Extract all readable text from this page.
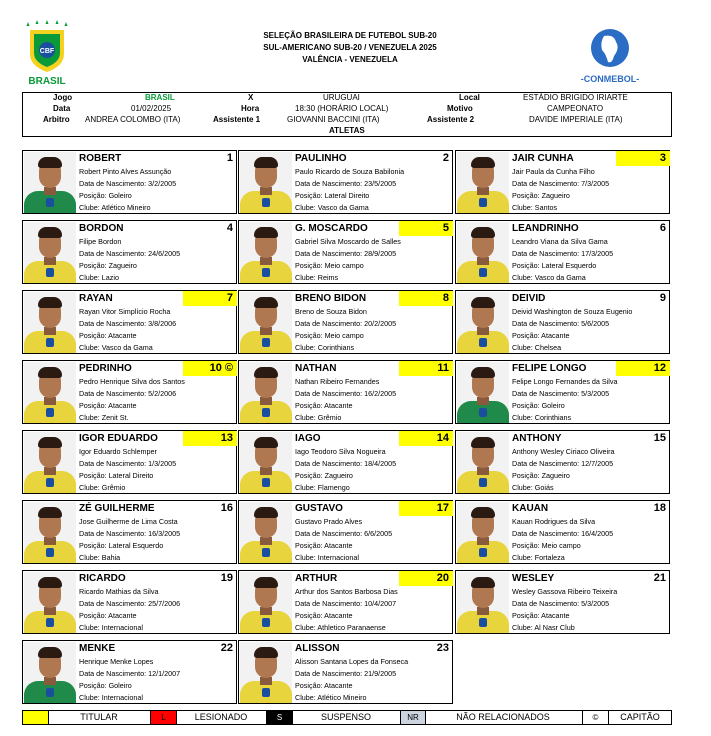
CBF
BRASIL
SELEÇÃO BRASILEIRA DE FUTEBOL SUB-20
SUL-AMERICANO SUB-20 / VENEZUELA 2025
VALÊNCIA - VENEZUELA
-CONMEBOL-
Jogo	BRASIL	X	URUGUAI	Local	ESTÁDIO BRIGIDO IRIARTE
Data	01/02/2025	Hora	18:30 (HORÁRIO LOCAL)	Motivo	CAMPEONATO
Arbitro ANDREA COLOMBO (ITA)	Assistente 1	GIOVANNI BACCINI (ITA)	Assistente 2	DAVIDE IMPERIALE (ITA)
ATLETAS
ROBERT	1
Robert Pinto Alves Assunção
Data de Nascimento: 3/2/2005
Posição: Goleiro
Clube: Atlético Mineiro
PAULINHO	2
Paulo Ricardo de Souza Babilonia
Data de Nascimento: 23/5/2005
Posição: Lateral Direito
Clube: Vasco da Gama
JAIR CUNHA	3
Jair Paula da Cunha Filho
Data de Nascimento: 7/3/2005
Posição: Zagueiro
Clube: Santos
BORDON	4
Filipe Bordon
Data de Nascimento: 24/6/2005
Posição: Zagueiro
Clube: Lazio
G. MOSCARDO	5
Gabriel Silva Moscardo de Salles
Data de Nascimento: 28/9/2005
Posição: Meio campo
Clube: Reims
LEANDRINHO	6
Leandro Viana da Silva Gama
Data de Nascimento: 17/3/2005
Posição: Lateral Esquerdo
Clube: Vasco da Gama
RAYAN	7
Rayan Vitor Simplício Rocha
Data de Nascimento: 3/8/2006
Posição: Atacante
Clube: Vasco da Gama
BRENO BIDON	8
Breno de Souza Bidon
Data de Nascimento: 20/2/2005
Posição: Meio campo
Clube: Corinthians
DEIVID	9
Deivid Washington de Souza Eugenio
Data de Nascimento: 5/6/2005
Posição: Atacante
Clube: Chelsea
PEDRINHO	10 ©
Pedro Henrique Silva dos Santos
Data de Nascimento: 5/2/2006
Posição: Atacante
Clube: Zenit St.
NATHAN	11
Nathan Ribeiro Fernandes
Data de Nascimento: 16/2/2005
Posição: Atacante
Clube: Grêmio
FELIPE LONGO	12
Felipe Longo Fernandes da Silva
Data de Nascimento: 5/3/2005
Posição: Goleiro
Clube: Corinthians
IGOR EDUARDO	13
Igor Eduardo Schlemper
Data de Nascimento: 1/3/2005
Posição: Lateral Direito
Clube: Grêmio
IAGO	14
Iago Teodoro Silva Nogueira
Data de Nascimento: 18/4/2005
Posição: Zagueiro
Clube: Flamengo
ANTHONY	15
Anthony Wesley Ciriaco Oliveira
Data de Nascimento: 12/7/2005
Posição: Zagueiro
Clube: Goiás
ZÉ GUILHERME	16
Jose Guilherme de Lima Costa
Data de Nascimento: 16/3/2005
Posição: Lateral Esquerdo
Clube: Bahia
GUSTAVO	17
Gustavo Prado Alves
Data de Nascimento: 6/6/2005
Posição: Atacante
Clube: Internacional
KAUAN	18
Kauan Rodrigues da Silva
Data de Nascimento: 16/4/2005
Posição: Meio campo
Clube: Fortaleza
RICARDO	19
Ricardo Mathias da Silva
Data de Nascimento: 25/7/2006
Posição: Atacante
Clube: Internacional
ARTHUR	20
Arthur dos Santos Barbosa Dias
Data de Nascimento: 10/4/2007
Posição: Atacante
Clube: Athletico Paranaense
WESLEY	21
Wesley Gassova Ribeiro Teixeira
Data de Nascimento: 5/3/2005
Posição: Atacante
Clube: Al Nasr Club
MENKE	22
Henrique Menke Lopes
Data de Nascimento: 12/1/2007
Posição: Goleiro
Clube: Internacional
ALISSON	23
Alisson Santana Lopes da Fonseca
Data de Nascimento: 21/9/2005
Posição: Atacante
Clube: Atlético Mineiro
TITULAR	L	LESIONADO	S	SUSPENSO	NR	NÃO RELACIONADOS	©	CAPITÃO
